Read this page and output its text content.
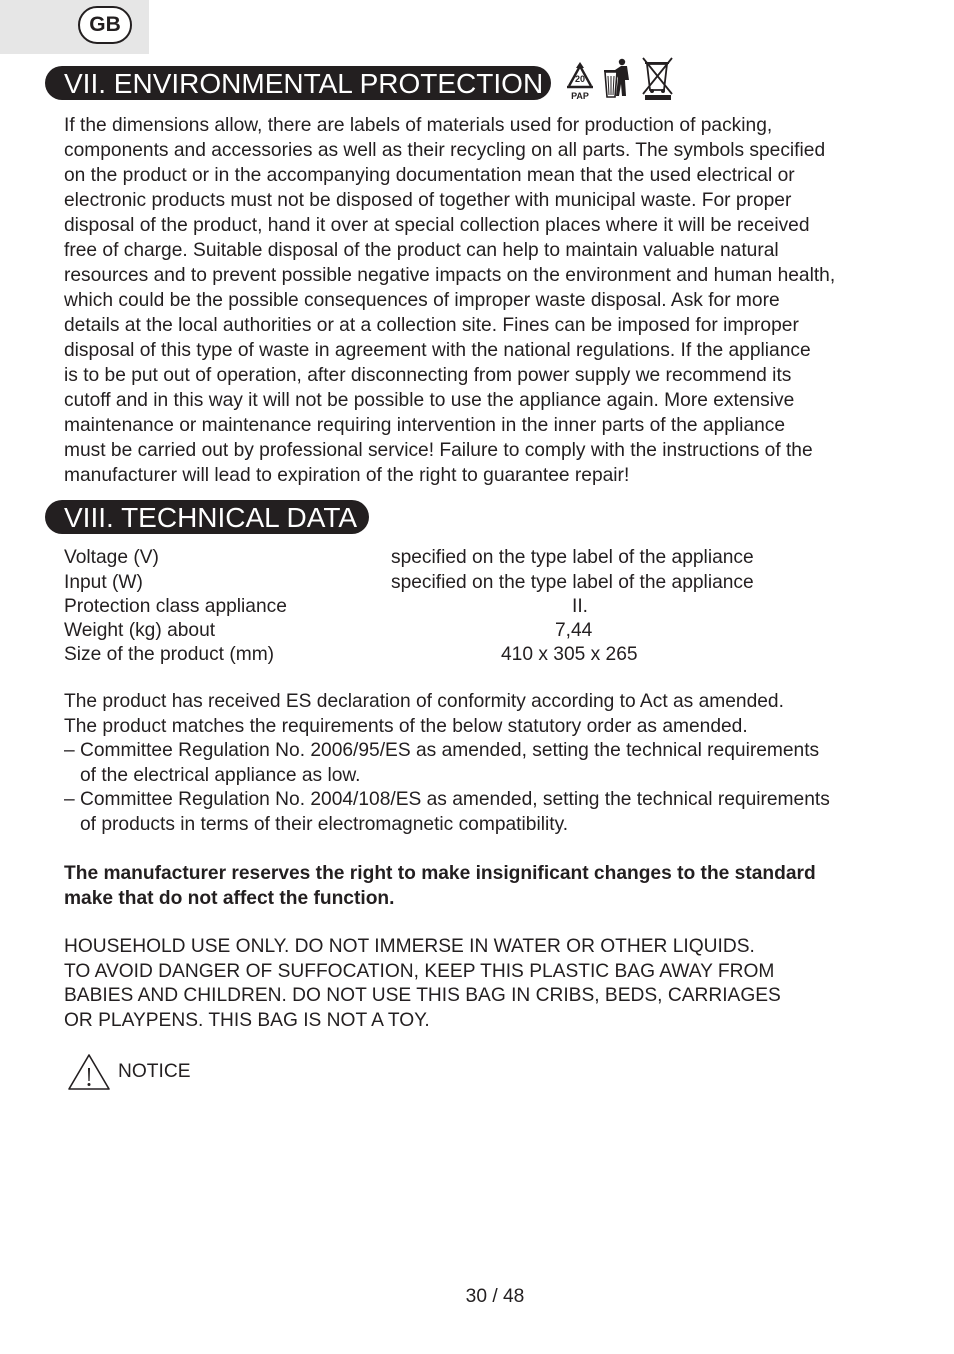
GB
VII. ENVIRONMENTAL PROTECTION	20
PAP
If the dimensions allow, there are labels of materials used for production of packing,
components and accessories as well as their recycling on all parts. The symbols specified
on the product or in the accompanying documentation mean that the used electrical or
electronic products must not be disposed of together with municipal waste. For proper
disposal of the product, hand it over at special collection places where it will be received
free of charge. Suitable disposal of the product can help to maintain valuable natural
resources and to prevent possible negative impacts on the environment and human health,
which could be the possible consequences of improper waste disposal. Ask for more
details at the local authorities or at a collection site. Fines can be imposed for improper
disposal of this type of waste in agreement with the national regulations. If the appliance
is to be put out of operation, after disconnecting from power supply we recommend its
cutoff and in this way it will not be possible to use the appliance again. More extensive
maintenance or maintenance requiring intervention in the inner parts of the appliance
must be carried out by professional service! Failure to comply with the instructions of the
manufacturer will lead to expiration of the right to guarantee repair!
VIII. TECHNICAL DATA
Voltage (V)	specified on the type label of the appliance
Input (W)	specified on the type label of the appliance
Protection class appliance	II.
Weight (kg) about	7,44
Size of the product (mm)	410 x 305 x 265
The product has received ES declaration of conformity according to Act as amended.
The product matches the requirements of the below statutory order as amended.
– Committee Regulation No. 2006/95/ES as amended, setting the technical requirements
of the electrical appliance as low.
– Committee Regulation No. 2004/108/ES as amended, setting the technical requirements
of products in terms of their electromagnetic compatibility.
The manufacturer reserves the right to make insignificant changes to the standard
make that do not affect the function.
HOUSEHOLD USE ONLY. DO NOT IMMERSE IN WATER OR OTHER LIQUIDS.
TO AVOID DANGER OF SUFFOCATION, KEEP THIS PLASTIC BAG AWAY FROM
BABIES AND CHILDREN. DO NOT USE THIS BAG IN CRIBS, BEDS, CARRIAGES
OR PLAYPENS. THIS BAG IS NOT A TOY.
NOTICE
30 / 48
